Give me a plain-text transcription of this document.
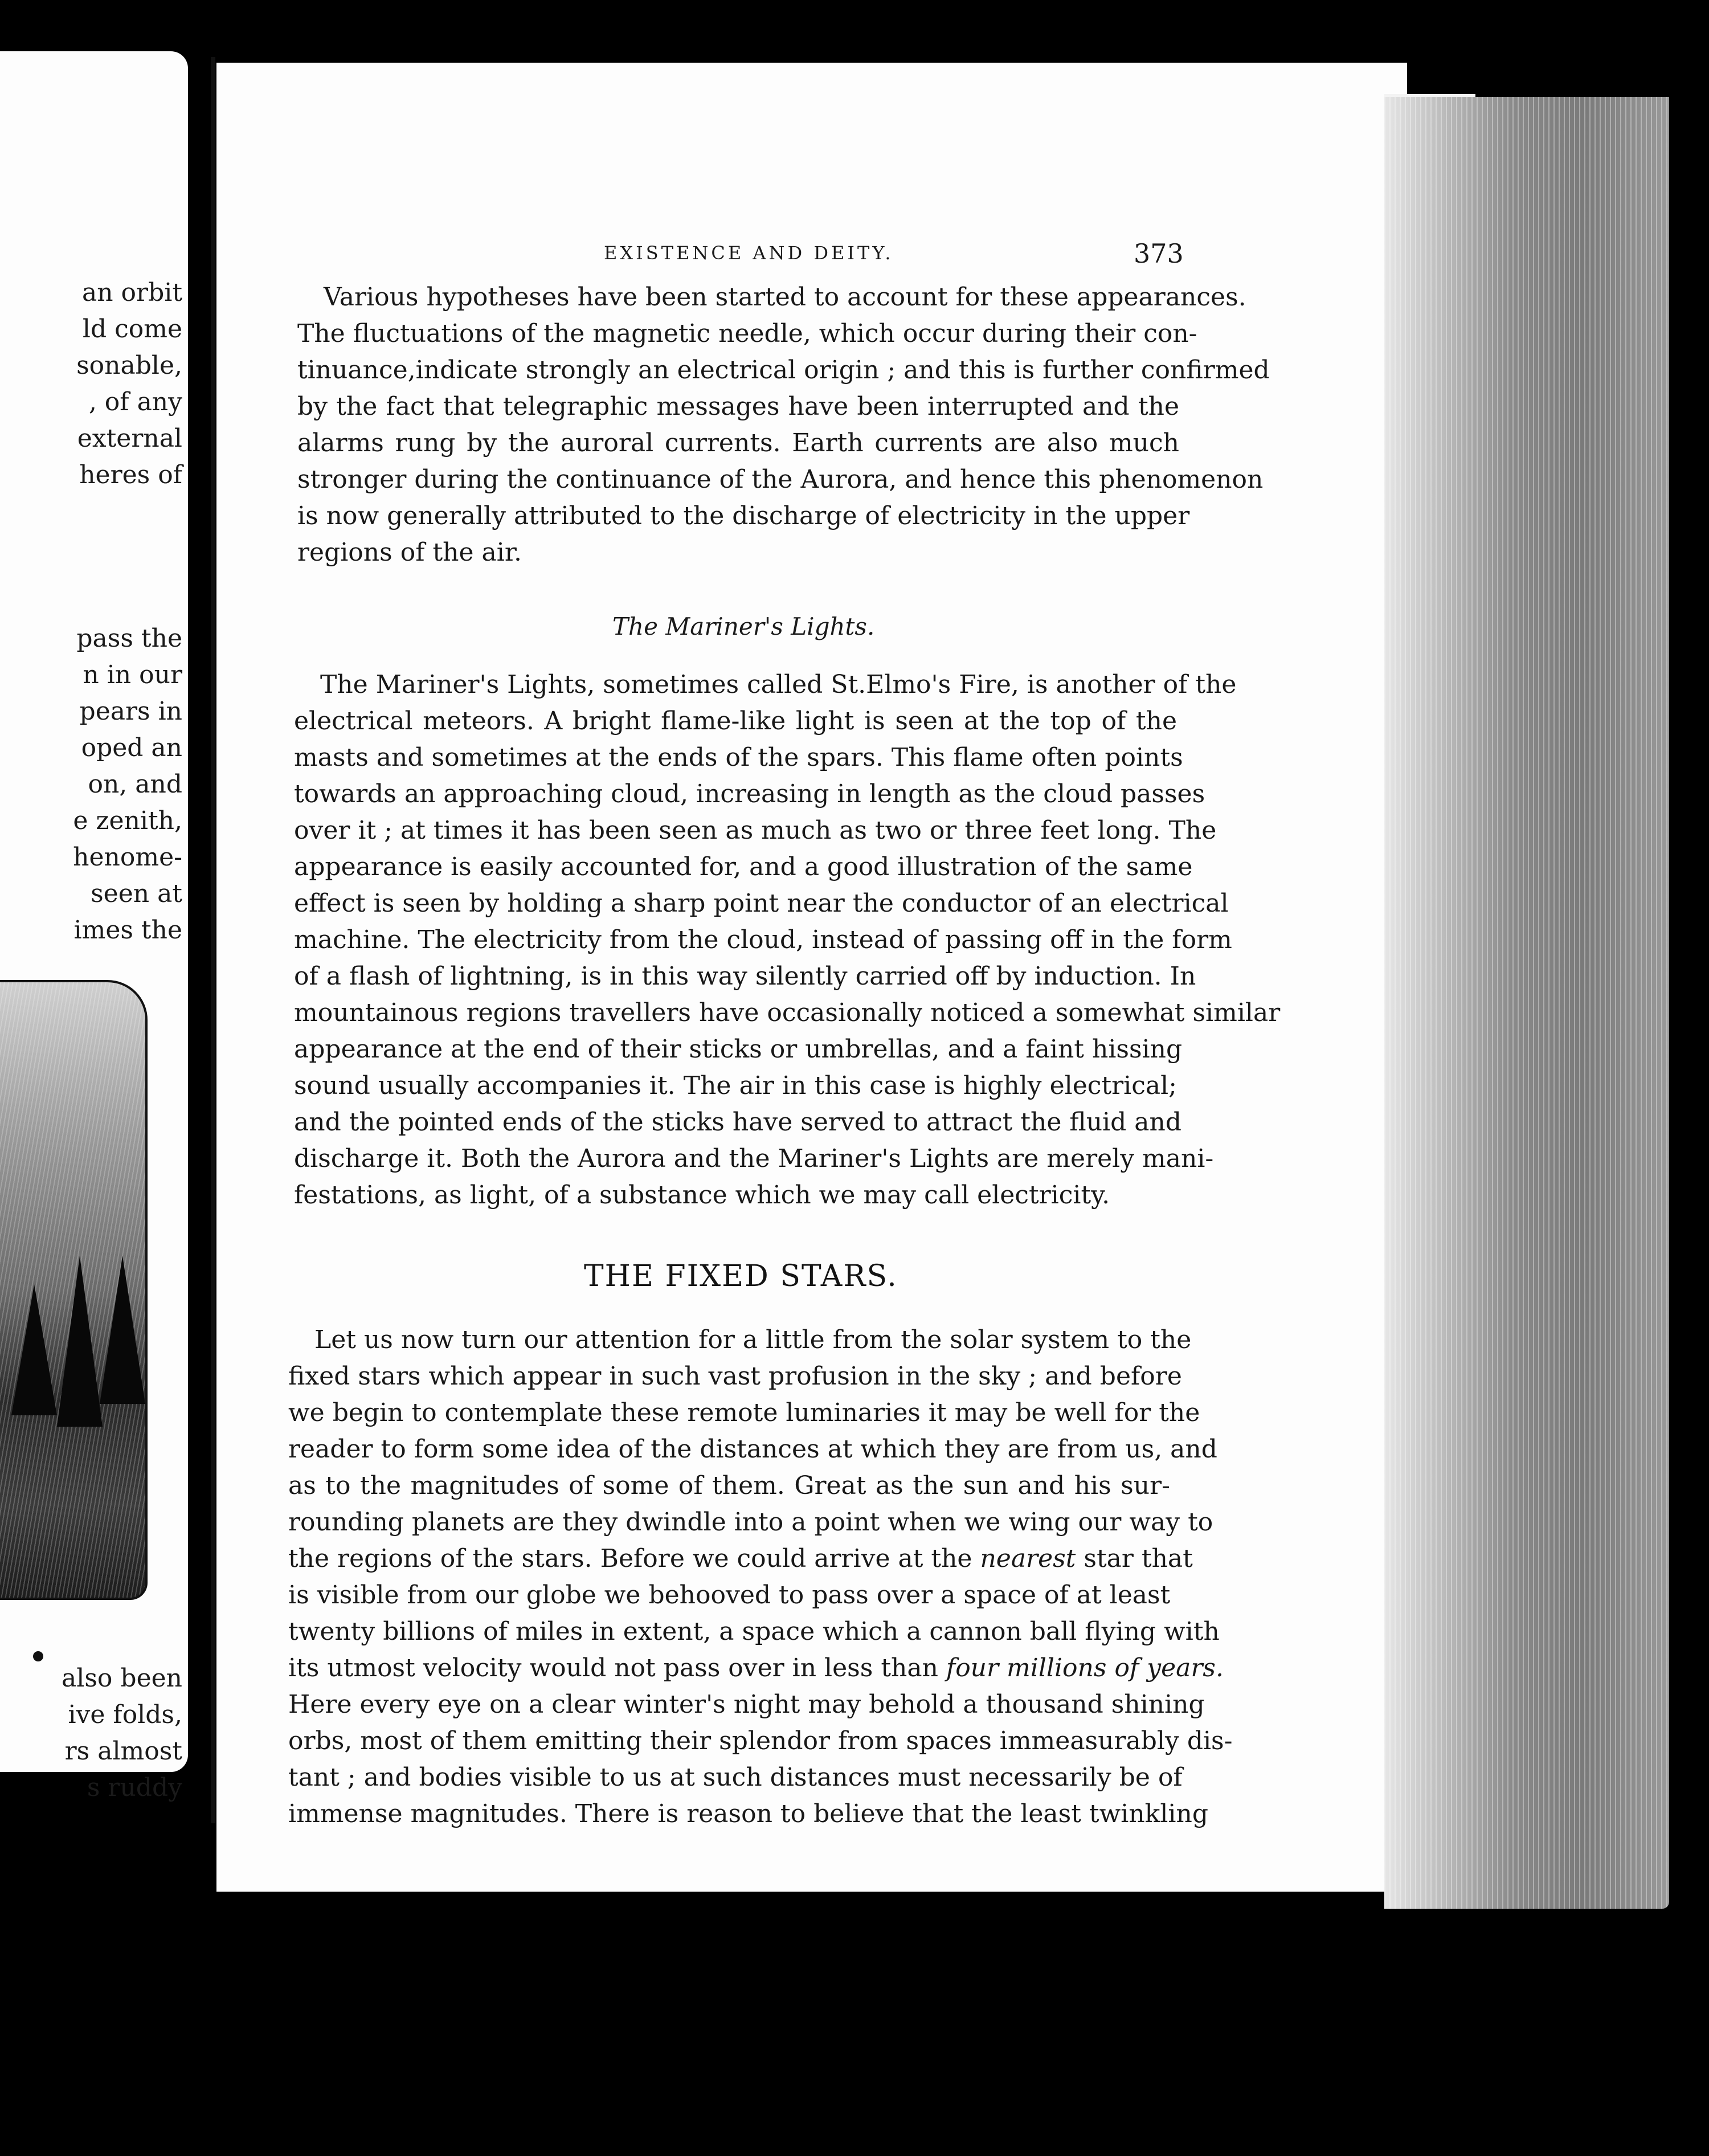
an orbit
ld come
sonable,
, of any
external
heres of
pass the
n in our
pears in
oped an
on, and
e zenith,
henome-
seen at
imes the
also been
ive folds,
rs almost
s ruddy
EXISTENCE AND DEITY.	373
Various hypotheses have been started to account for these appearances.
The fluctuations of the magnetic needle, which occur during their con-
tinuance,indicate strongly an electrical origin ; and this is further confirmed
by the fact that telegraphic messages have been interrupted and the
alarms rung by the auroral currents. Earth currents are also much
stronger during the continuance of the Aurora, and hence this phenomenon
is now generally attributed to the discharge of electricity in the upper
regions of the air.
The Mariner's Lights.
The Mariner's Lights, sometimes called St.Elmo's Fire, is another of the
electrical meteors. A bright flame-like light is seen at the top of the
masts and sometimes at the ends of the spars. This flame often points
towards an approaching cloud, increasing in length as the cloud passes
over it ; at times it has been seen as much as two or three feet long. The
appearance is easily accounted for, and a good illustration of the same
effect is seen by holding a sharp point near the conductor of an electrical
machine. The electricity from the cloud, instead of passing off in the form
of a flash of lightning, is in this way silently carried off by induction. In
mountainous regions travellers have occasionally noticed a somewhat similar
appearance at the end of their sticks or umbrellas, and a faint hissing
sound usually accompanies it. The air in this case is highly electrical;
and the pointed ends of the sticks have served to attract the fluid and
discharge it. Both the Aurora and the Mariner's Lights are merely mani-
festations, as light, of a substance which we may call electricity.
THE FIXED STARS.
Let us now turn our attention for a little from the solar system to the
fixed stars which appear in such vast profusion in the sky ; and before
we begin to contemplate these remote luminaries it may be well for the
reader to form some idea of the distances at which they are from us, and
as to the magnitudes of some of them. Great as the sun and his sur-
rounding planets are they dwindle into a point when we wing our way to
the regions of the stars. Before we could arrive at the nearest star that
is visible from our globe we behooved to pass over a space of at least
twenty billions of miles in extent, a space which a cannon ball flying with
its utmost velocity would not pass over in less than four millions of years.
Here every eye on a clear winter's night may behold a thousand shining
orbs, most of them emitting their splendor from spaces immeasurably dis-
tant ; and bodies visible to us at such distances must necessarily be of
immense magnitudes. There is reason to believe that the least twinkling
